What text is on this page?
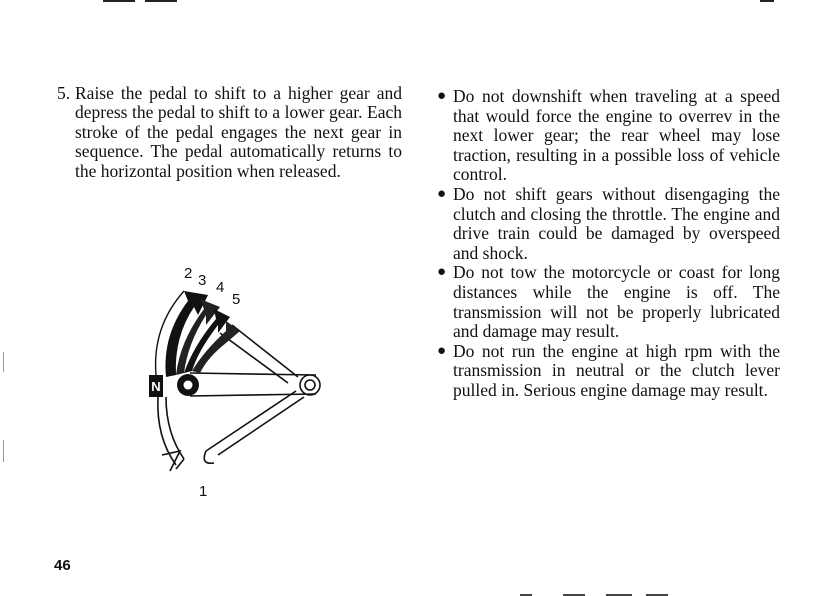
5. Raise the pedal to shift to a higher gear and depress the pedal to shift to a lower gear. Each stroke of the pedal engages the next gear in sequence. The pedal automatically returns to the horizontal position when released.
N
2 3 4
5
1
● Do not downshift when traveling at a speed that would force the engine to overrev in the next lower gear; the rear wheel may lose traction, resulting in a possible loss of vehicle control.
● Do not shift gears without disengaging the clutch and closing the throttle. The engine and drive train could be damaged by overspeed and shock.
● Do not tow the motorcycle or coast for long distances while the engine is off. The transmission will not be properly lubricated and damage may result.
● Do not run the engine at high rpm with the transmission in neutral or the clutch lever pulled in. Serious engine damage may result.
46
